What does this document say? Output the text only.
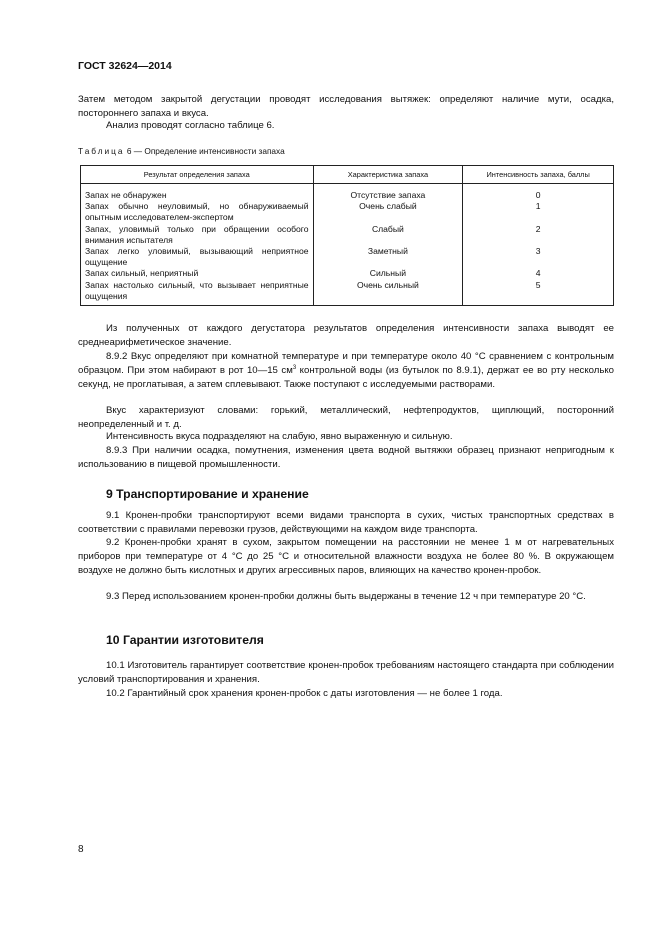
ГОСТ 32624—2014

Затем методом закрытой дегустации проводят исследования вытяжек: определяют наличие мути, осадка, постороннего запаха и вкуса.

Анализ проводят согласно таблице 6.

Таблица 6 — Определение интенсивности запаха
Результат определения запаха	Характеристика запаха	Интенсивность запаха, баллы
Запах не обнаружен	Отсутствие запаха	0
Запах обычно неуловимый, но обнаруживаемый опытным исследователем-экспертом	Очень слабый	1
Запах, уловимый только при обращении особого внимания испытателя	Слабый	2
Запах легко уловимый, вызывающий неприятное ощущение	Заметный	3
Запах сильный, неприятный	Сильный	4
Запах настолько сильный, что вызывает неприятные ощущения	Очень сильный	5

Из полученных от каждого дегустатора результатов определения интенсивности запаха выводят ее среднеарифметическое значение.

8.9.2 Вкус определяют при комнатной температуре и при температуре около 40 °С сравнением с контрольным образцом. При этом набирают в рот 10—15 $см^3$ контрольной воды (из бутылок по 8.9.1), держат ее во рту несколько секунд, не проглатывая, а затем сплевывают. Также поступают с исследуемыми растворами.

Вкус характеризуют словами: горький, металлический, нефтепродуктов, щиплющий, посторонний неопределенный и т. д.

Интенсивность вкуса подразделяют на слабую, явно выраженную и сильную.

8.9.3 При наличии осадка, помутнения, изменения цвета водной вытяжки образец признают непригодным к использованию в пищевой промышленности.

9 Транспортирование и хранение

9.1 Кронен-пробки транспортируют всеми видами транспорта в сухих, чистых транспортных средствах в соответствии с правилами перевозки грузов, действующими на каждом виде транспорта.

9.2 Кронен-пробки хранят в сухом, закрытом помещении на расстоянии не менее 1 м от нагревательных приборов при температуре от 4 °С до 25 °С и относительной влажности воздуха не более 80 %. В окружающем воздухе не должно быть кислотных и других агрессивных паров, влияющих на качество кронен-пробок.

9.3 Перед использованием кронен-пробки должны быть выдержаны в течение 12 ч при температуре 20 °С.

10 Гарантии изготовителя

10.1 Изготовитель гарантирует соответствие кронен-пробок требованиям настоящего стандарта при соблюдении условий транспортирования и хранения.

10.2 Гарантийный срок хранения кронен-пробок с даты изготовления — не более 1 года.

8
